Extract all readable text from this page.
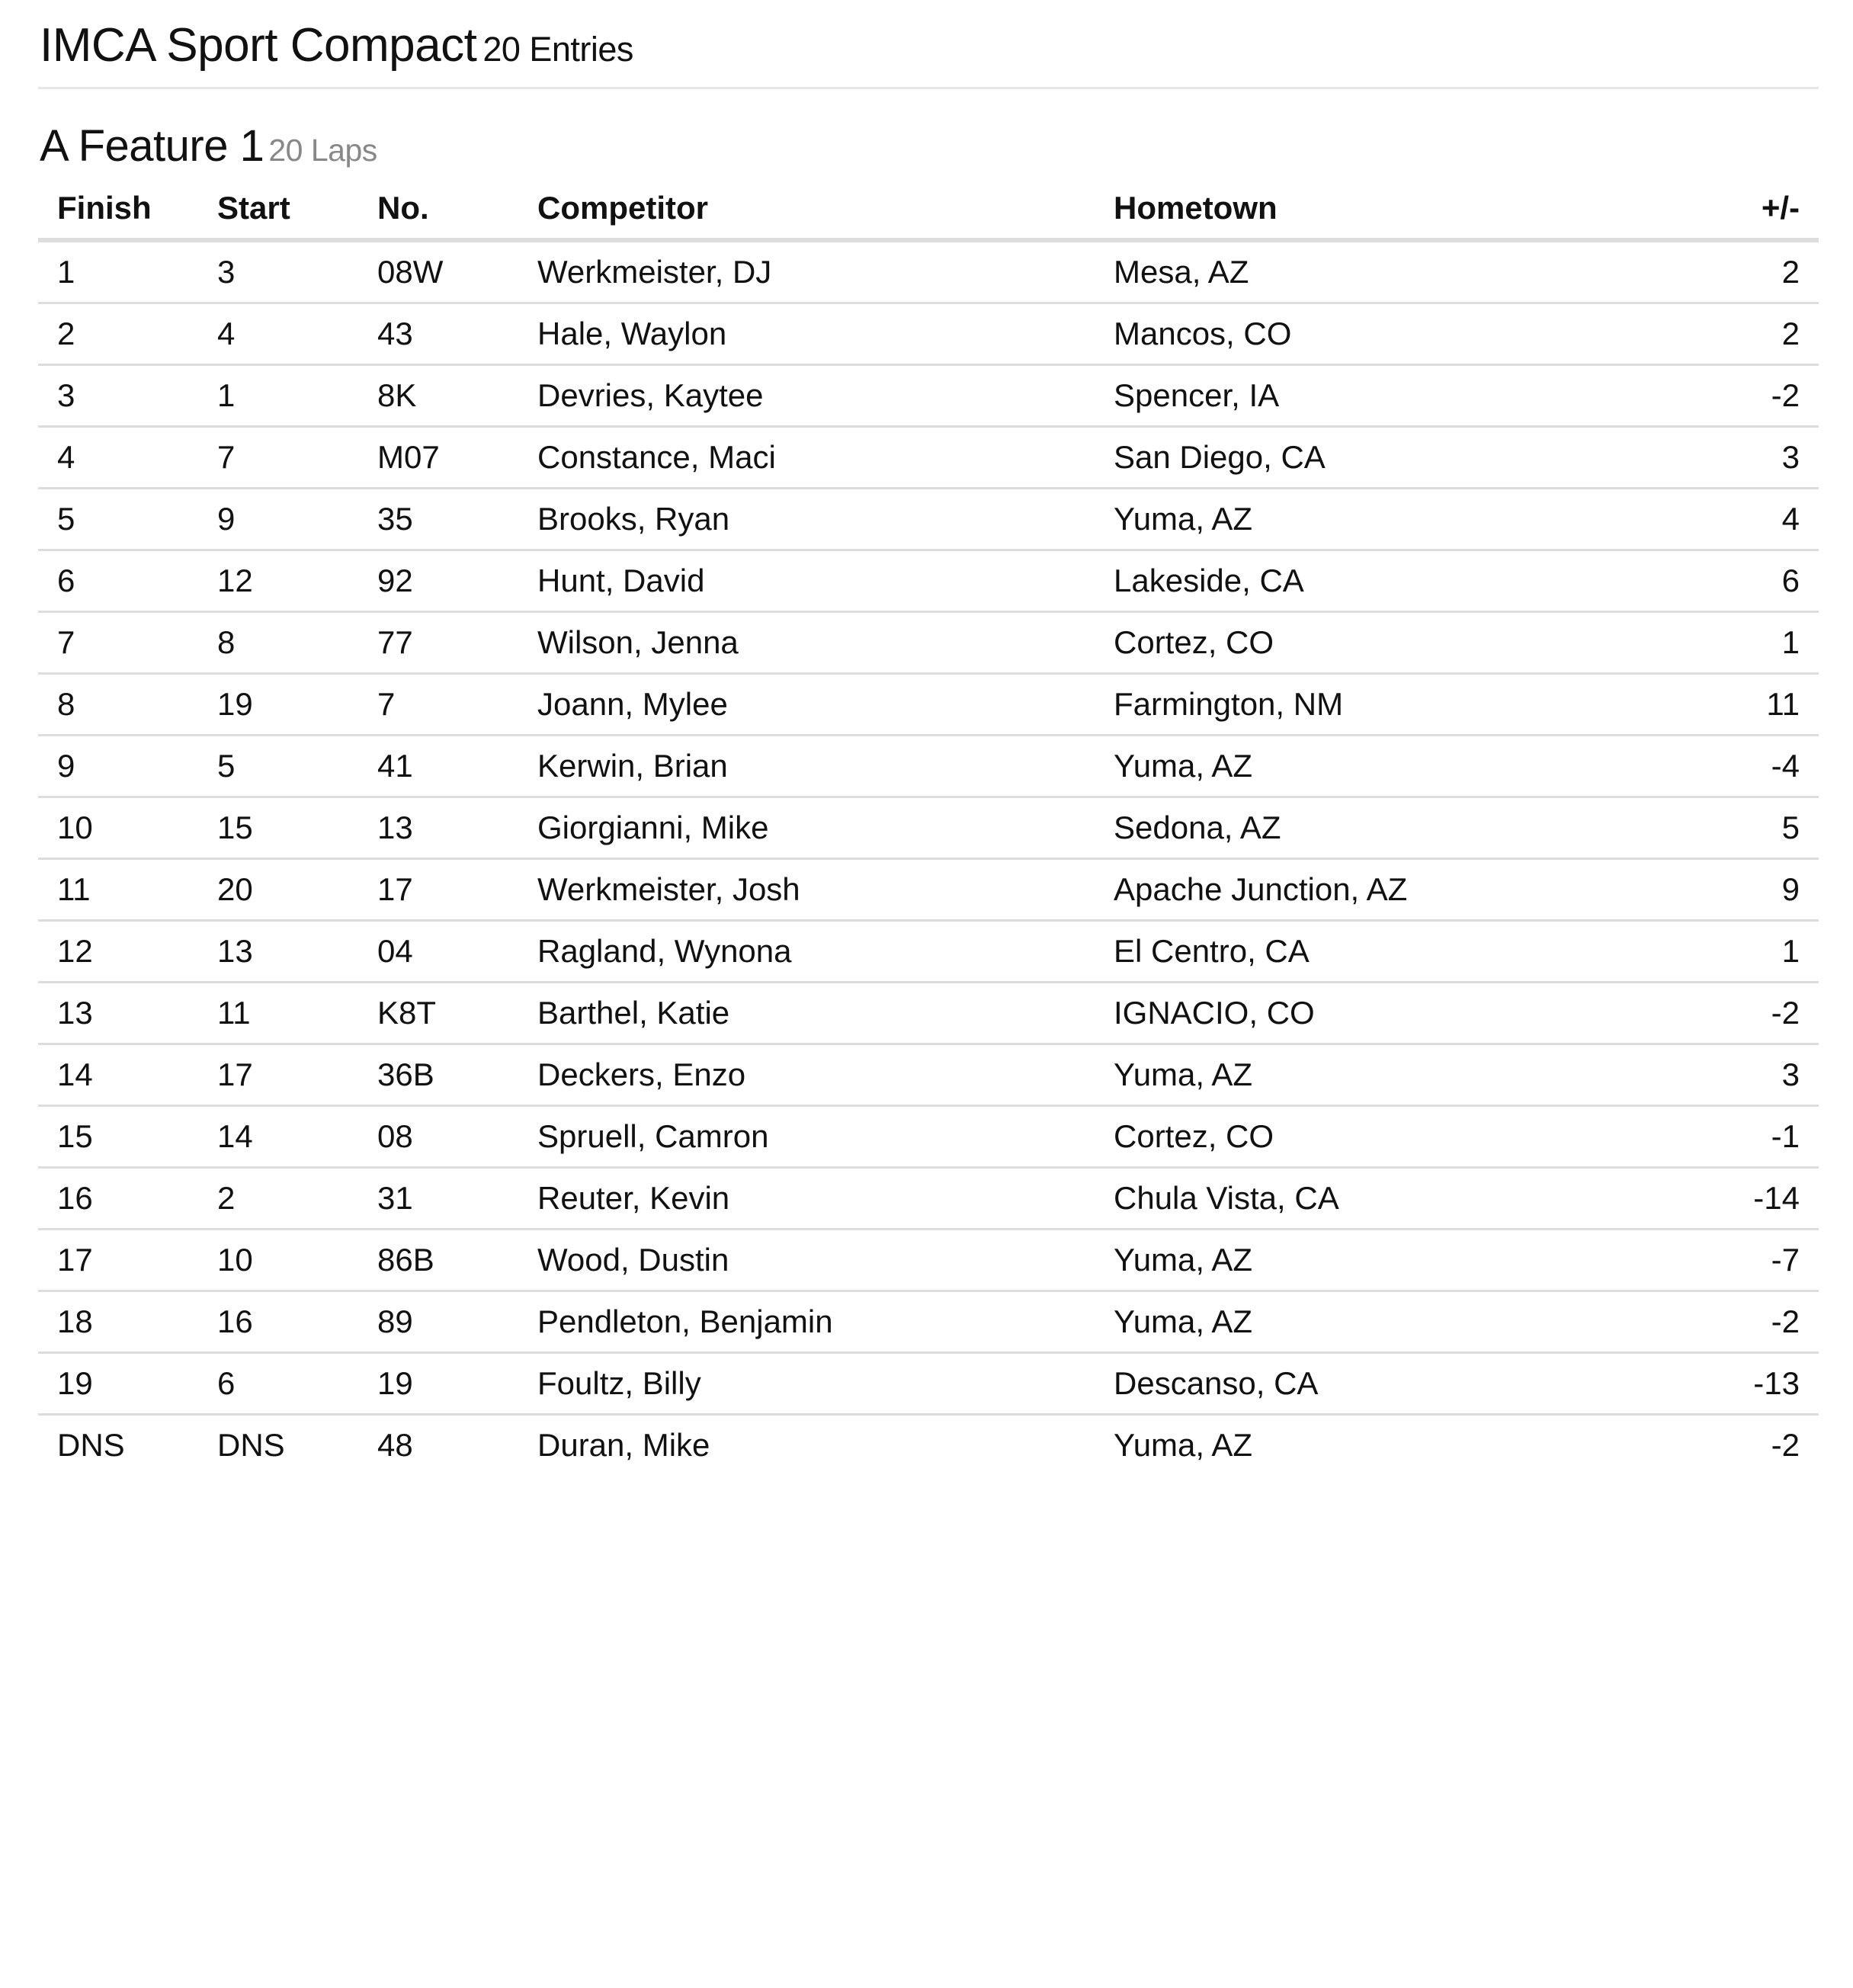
IMCA Sport Compact 20 Entries
A Feature 1 20 Laps
Finish	Start	No.	Competitor	Hometown	+/-
1	3	08W	Werkmeister, DJ	Mesa, AZ	2
2	4	43	Hale, Waylon	Mancos, CO	2
3	1	8K	Devries, Kaytee	Spencer, IA	-2
4	7	M07	Constance, Maci	San Diego, CA	3
5	9	35	Brooks, Ryan	Yuma, AZ	4
6	12	92	Hunt, David	Lakeside, CA	6
7	8	77	Wilson, Jenna	Cortez, CO	1
8	19	7	Joann, Mylee	Farmington, NM	11
9	5	41	Kerwin, Brian	Yuma, AZ	-4
10	15	13	Giorgianni, Mike	Sedona, AZ	5
11	20	17	Werkmeister, Josh	Apache Junction, AZ	9
12	13	04	Ragland, Wynona	El Centro, CA	1
13	11	K8T	Barthel, Katie	IGNACIO, CO	-2
14	17	36B	Deckers, Enzo	Yuma, AZ	3
15	14	08	Spruell, Camron	Cortez, CO	-1
16	2	31	Reuter, Kevin	Chula Vista, CA	-14
17	10	86B	Wood, Dustin	Yuma, AZ	-7
18	16	89	Pendleton, Benjamin	Yuma, AZ	-2
19	6	19	Foultz, Billy	Descanso, CA	-13
DNS	DNS	48	Duran, Mike	Yuma, AZ	-2
